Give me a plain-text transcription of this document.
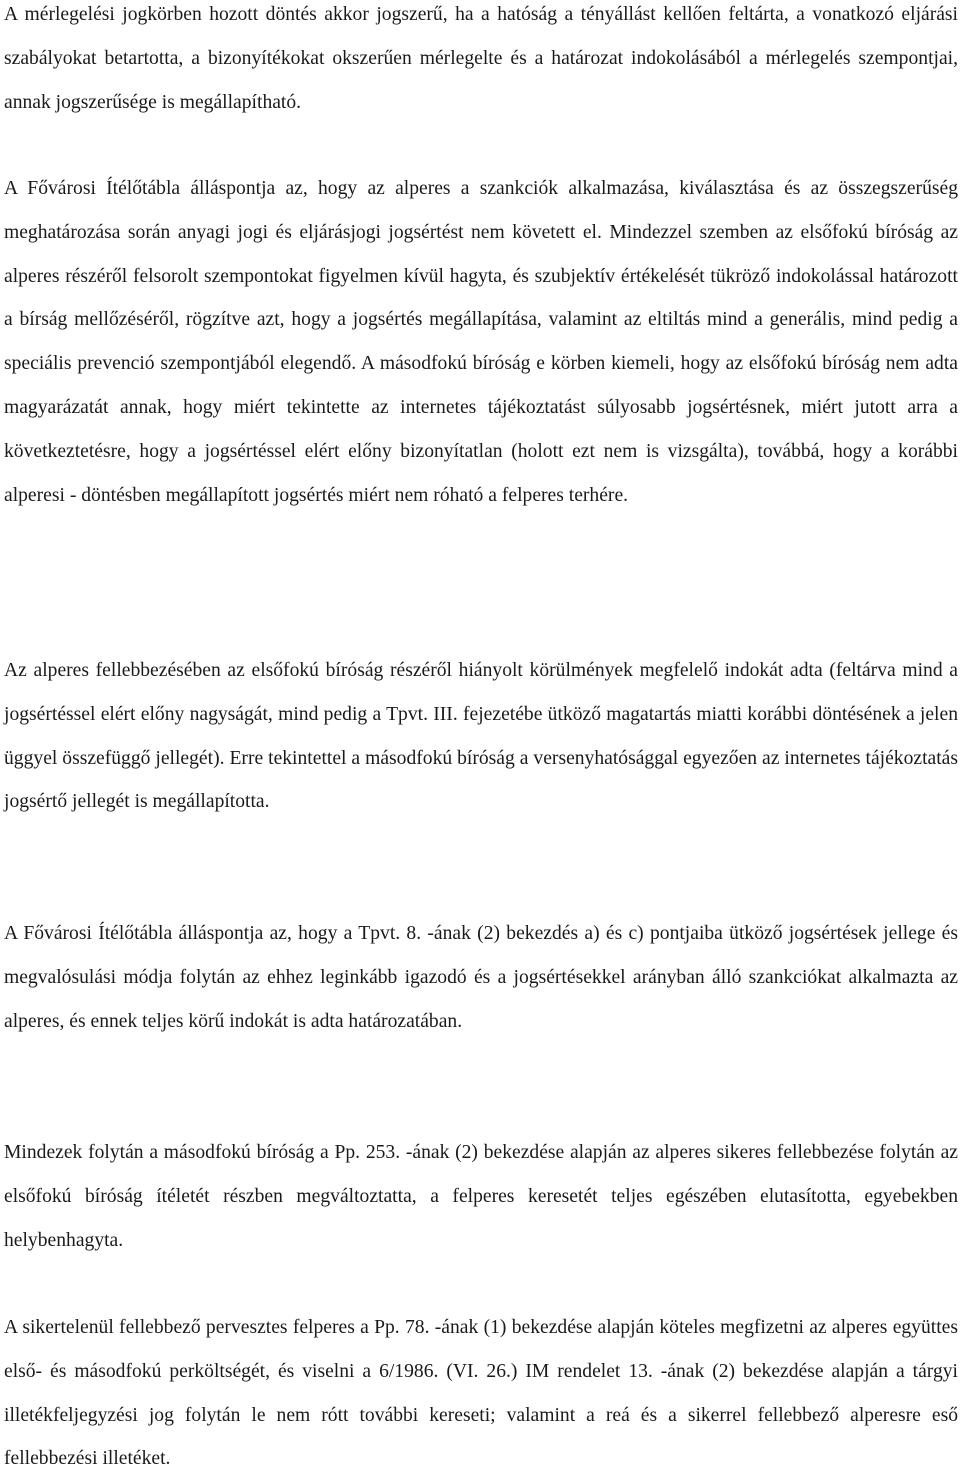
A mérlegelési jogkörben hozott döntés akkor jogszerű, ha a hatóság a tényállást kellően feltárta, a vonatkozó eljárási szabályokat betartotta, a bizonyítékokat okszerűen mérlegelte és a határozat indokolásából a mérlegelés szempontjai, annak jogszerűsége is megállapítható.

A Fővárosi Ítélőtábla álláspontja az, hogy az alperes a szankciók alkalmazása, kiválasztása és az összegszerűség meghatározása során anyagi jogi és eljárásjogi jogsértést nem követett el. Mindezzel szemben az elsőfokú bíróság az alperes részéről felsorolt szempontokat figyelmen kívül hagyta, és szubjektív értékelését tükröző indokolással határozott a bírság mellőzéséről, rögzítve azt, hogy a jogsértés megállapítása, valamint az eltiltás mind a generális, mind pedig a speciális prevenció szempontjából elegendő. A másodfokú bíróság e körben kiemeli, hogy az elsőfokú bíróság nem adta magyarázatát annak, hogy miért tekintette az internetes tájékoztatást súlyosabb jogsértésnek, miért jutott arra a következtetésre, hogy a jogsértéssel elért előny bizonyítatlan (holott ezt nem is vizsgálta), továbbá, hogy a korábbi alperesi - döntésben megállapított jogsértés miért nem róható a felperes terhére.

Az alperes fellebbezésében az elsőfokú bíróság részéről hiányolt körülmények megfelelő indokát adta (feltárva mind a jogsértéssel elért előny nagyságát, mind pedig a Tpvt. III. fejezetébe ütköző magatartás miatti korábbi döntésének a jelen üggyel összefüggő jellegét). Erre tekintettel a másodfokú bíróság a versenyhatósággal egyezően az internetes tájékoztatás jogsértő jellegét is megállapította.

A Fővárosi Ítélőtábla álláspontja az, hogy a Tpvt. 8. -ának (2) bekezdés a) és c) pontjaiba ütköző jogsértések jellege és megvalósulási módja folytán az ehhez leginkább igazodó és a jogsértésekkel arányban álló szankciókat alkalmazta az alperes, és ennek teljes körű indokát is adta határozatában.

Mindezek folytán a másodfokú bíróság a Pp. 253. -ának (2) bekezdése alapján az alperes sikeres fellebbezése folytán az elsőfokú bíróság ítéletét részben megváltoztatta, a felperes keresetét teljes egészében elutasította, egyebekben helybenhagyta.

A sikertelenül fellebbező pervesztes felperes a Pp. 78. -ának (1) bekezdése alapján köteles megfizetni az alperes együttes első- és másodfokú perköltségét, és viselni a 6/1986. (VI. 26.) IM rendelet 13. -ának (2) bekezdése alapján a tárgyi illetékfeljegyzési jog folytán le nem rótt további kereseti; valamint a reá és a sikerrel fellebbező alperesre eső fellebbezési illetéket.
